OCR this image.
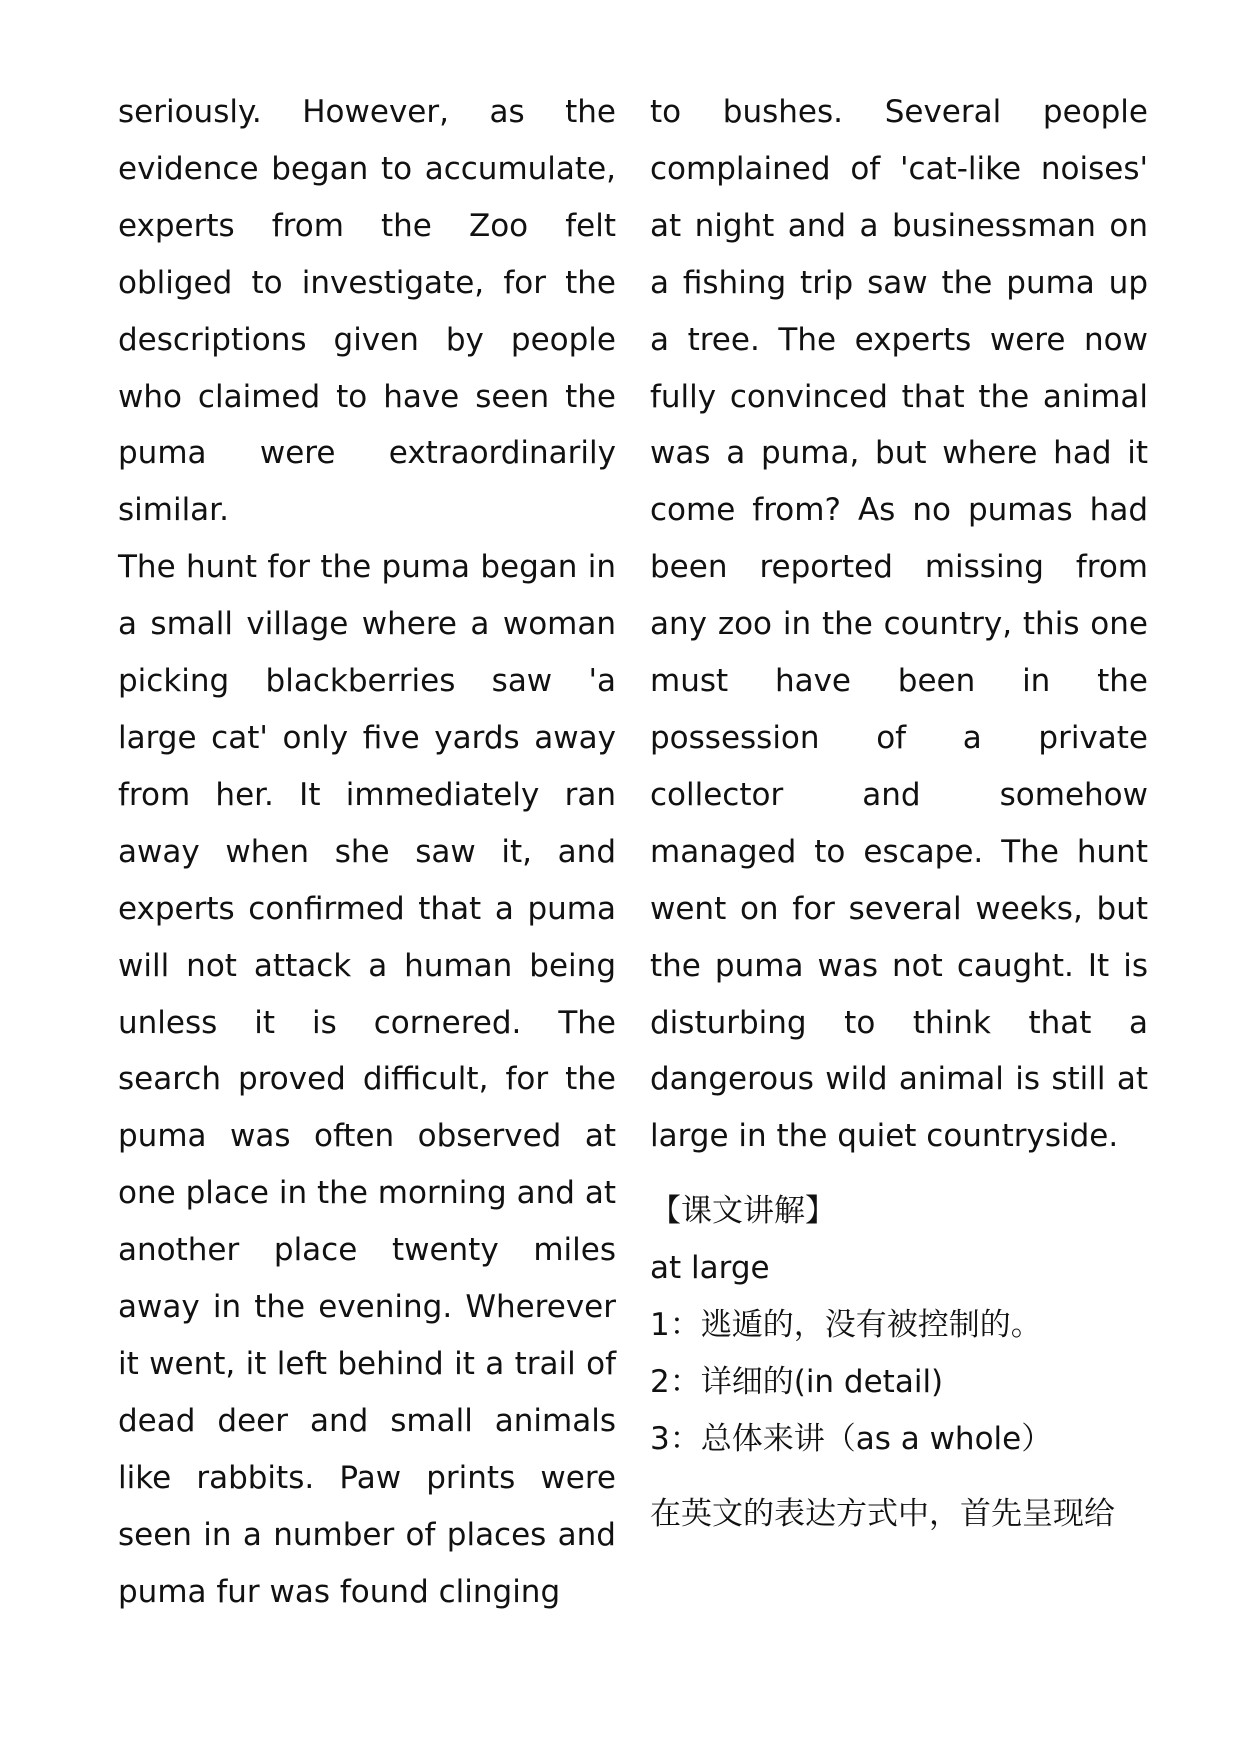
seriously. However, as the evidence began to accumulate, experts from the Zoo felt obliged to investigate, for the descriptions given by people who claimed to have seen the puma were extraordinarily similar.

The hunt for the puma began in a small village where a woman picking blackberries saw 'a large cat' only five yards away from her. It immediately ran away when she saw it, and experts confirmed that a puma will not attack a human being unless it is cornered. The search proved difficult, for the puma was often observed at one place in the morning and at another place twenty miles away in the evening. Wherever it went, it left behind it a trail of dead deer and small animals like rabbits. Paw prints were seen in a number of places and puma fur was found clinging

to bushes. Several people complained of 'cat-like noises' at night and a businessman on a fishing trip saw the puma up a tree. The experts were now fully convinced that the animal was a puma, but where had it come from? As no pumas had been reported missing from any zoo in the country, this one must have been in the possession of a private collector and somehow managed to escape. The hunt went on for several weeks, but the puma was not caught. It is disturbing to think that a dangerous wild animal is still at large in the quiet countryside.

【课文讲解】
at large
1：逃遁的，没有被控制的。
2：详细的(in detail)
3：总体来讲（as a whole）
在英文的表达方式中，首先呈现给
